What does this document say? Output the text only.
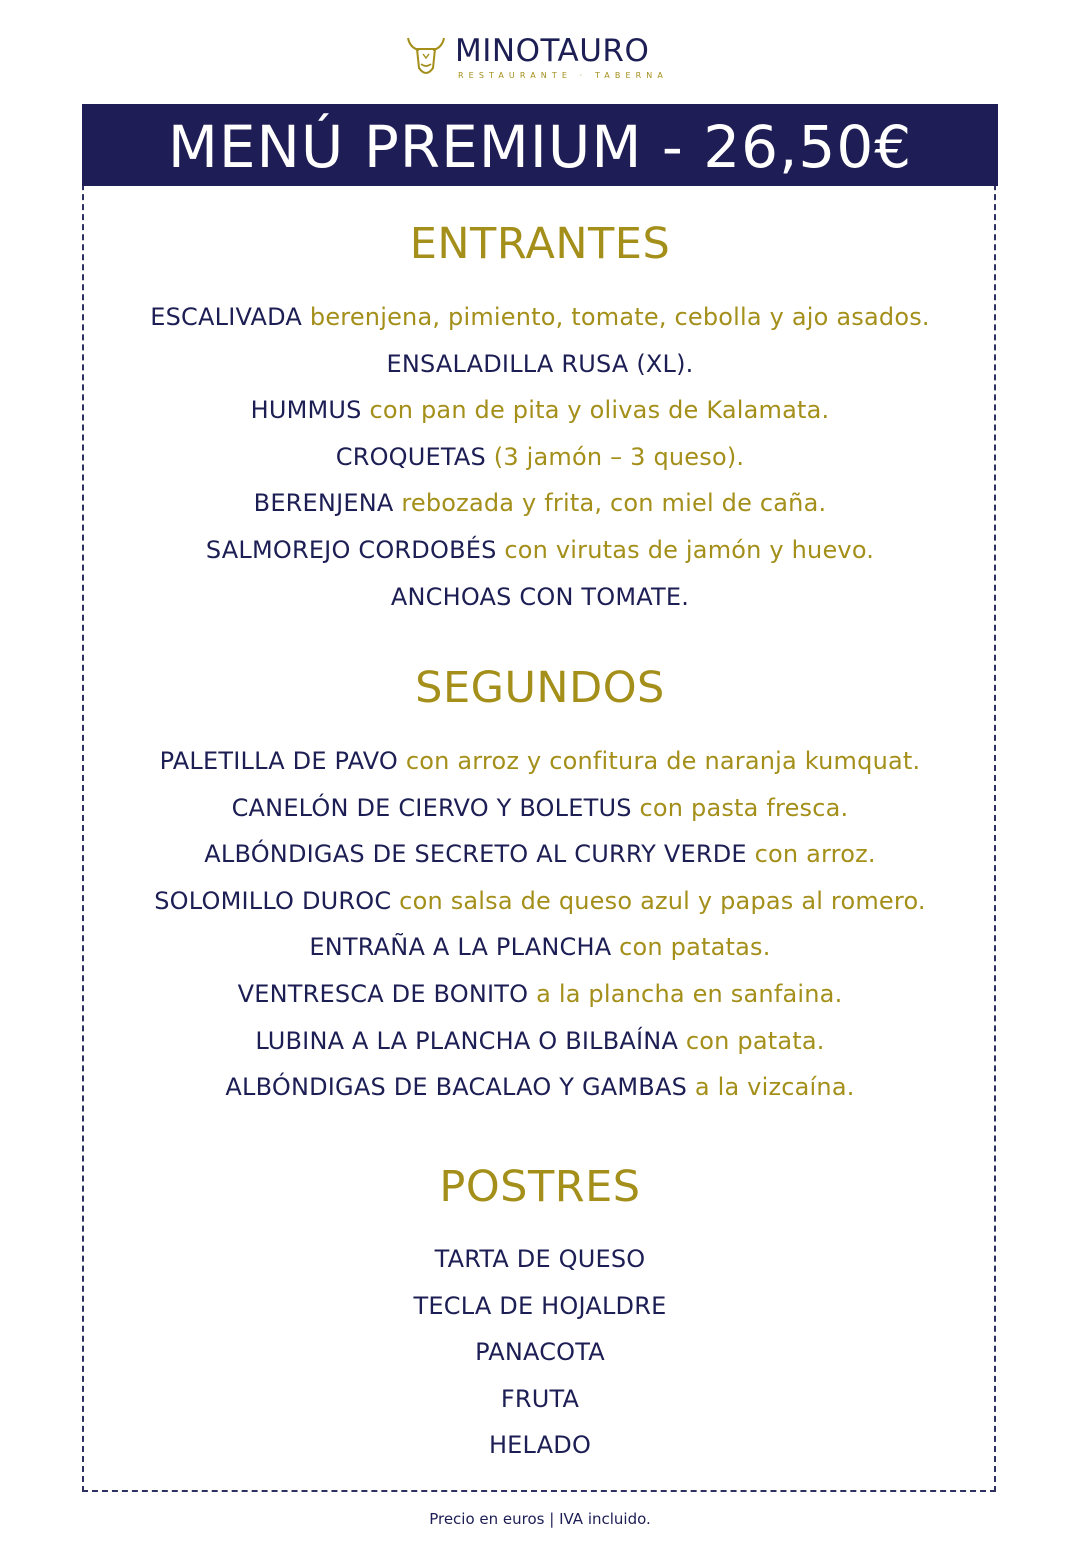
MINOTAURO
RESTAURANTE · TABERNA
MENÚ PREMIUM - 26,50€
ENTRANTES
ESCALIVADA berenjena, pimiento, tomate, cebolla y ajo asados.
ENSALADILLA RUSA (XL).
HUMMUS con pan de pita y olivas de Kalamata.
CROQUETAS (3 jamón – 3 queso).
BERENJENA rebozada y frita, con miel de caña.
SALMOREJO CORDOBÉS con virutas de jamón y huevo.
ANCHOAS CON TOMATE.
SEGUNDOS
PALETILLA DE PAVO con arroz y confitura de naranja kumquat.
CANELÓN DE CIERVO Y BOLETUS con pasta fresca.
ALBÓNDIGAS DE SECRETO AL CURRY VERDE con arroz.
SOLOMILLO DUROC con salsa de queso azul y papas al romero.
ENTRAÑA A LA PLANCHA con patatas.
VENTRESCA DE BONITO a la plancha en sanfaina.
LUBINA A LA PLANCHA O BILBAÍNA con patata.
ALBÓNDIGAS DE BACALAO Y GAMBAS a la vizcaína.
POSTRES
TARTA DE QUESO
TECLA DE HOJALDRE
PANACOTA
FRUTA
HELADO
Precio en euros | IVA incluido.
